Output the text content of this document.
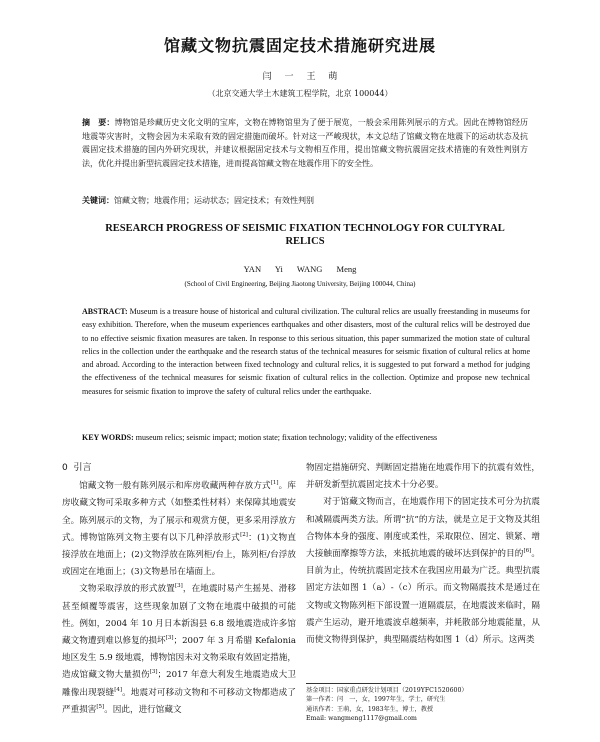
馆藏文物抗震固定技术措施研究进展
闫 一 王 萌
（北京交通大学土木建筑工程学院，北京 100044）
摘　要：博物馆是珍藏历史文化文明的宝库，文物在博物馆里为了便于展览，一般会采用陈列展示的方式。因此在博物馆经历地震等灾害时，文物会因为未采取有效的固定措施而破坏。针对这一严峻现状，本文总结了馆藏文物在地震下的运动状态及抗震固定技术措施的国内外研究现状，并建议根据固定技术与文物相互作用，提出馆藏文物抗震固定技术措施的有效性判别方法，优化并提出新型抗震固定技术措施，进而提高馆藏文物在地震作用下的安全性。
关键词：馆藏文物；地震作用；运动状态；固定技术；有效性判别
RESEARCH PROGRESS OF SEISMIC FIXATION TECHNOLOGY FOR CULTYRAL RELICS
YAN Yi WANG Meng
(School of Civil Engineering, Beijing Jiaotong University, Beijing 100044, China)
ABSTRACT: Museum is a treasure house of historical and cultural civilization. The cultural relics are usually freestanding in museums for easy exhibition. Therefore, when the museum experiences earthquakes and other disasters, most of the cultural relics will be destroyed due to no effective seismic fixation measures are taken. In response to this serious situation, this paper summarized the motion state of cultural relics in the collection under the earthquake and the research status of the technical measures for seismic fixation of cultural relics at home and abroad. According to the interaction between fixed technology and cultural relics, it is suggested to put forward a method for judging the effectiveness of the technical measures for seismic fixation of cultural relics in the collection. Optimize and propose new technical measures for seismic fixation to improve the safety of cultural relics under the earthquake.
KEY WORDS: museum relics; seismic impact; motion state; fixation technology; validity of the effectiveness
0 引言

馆藏文物一般有陈列展示和库房收藏两种存放方式[1]。库房收藏文物可采取多种方式（如整柔性材料）来保障其地震安全。陈列展示的文物，为了展示和观赏方便，更多采用浮放方式。博物馆陈列文物主要有以下几种浮放形式[2]：(1)文物直接浮放在地面上；(2)文物浮放在陈列柜/台上，陈列柜/台浮放或固定在地面上；(3)文物悬吊在墙面上。

文物采取浮放的形式放置[3]，在地震时易产生摇晃、滑移甚至倾覆等震害，这些现象加剧了文物在地震中破损的可能性。例如，2004 年 10 月日本新潟县 6.8 级地震造成许多馆藏文物遭到难以修复的损坏[3]；2007 年 3 月希腊 Kefalonia 地区发生 5.9 级地震，博物馆因未对文物采取有效固定措施，造成馆藏文物大量损伤[3]；2017 年意大利发生地震造成大卫雕像出现裂缝[4]。地震对可移动文物和不可移动文物都造成了严重损害[5]。因此，进行馆藏文

物固定措施研究、判断固定措施在地震作用下的抗震有效性，并研发新型抗震固定技术十分必要。

对于馆藏文物而言，在地震作用下的固定技术可分为抗震和减隔震两类方法。所谓“抗”的方法，就是立足于文物及其组合物体本身的强度、刚度或柔性，采取限位、固定、锁紧、增大接触面摩擦等方法，来抵抗地震的破坏达到保护的目的[6]。目前为止，传统抗震固定技术在我国应用最为广泛。典型抗震固定方法如图 1（a）-（c）所示。而文物隔震技术是通过在文物或文物陈列柜下部设置一道隔震层，在地震波来临时，隔震产生运动，避开地震波卓越频率，并耗散部分地震能量，从而使文物得到保护，典型隔震结构如图 1（d）所示。这两类

基金项目：国家重点研发计划项目（2019YFC1520600）
第一作者：闫　一，女，1997年生，学士，研究生
通讯作者：王萌，女，1983年生，博士，教授
Email: wangmeng1117@gmail.com
